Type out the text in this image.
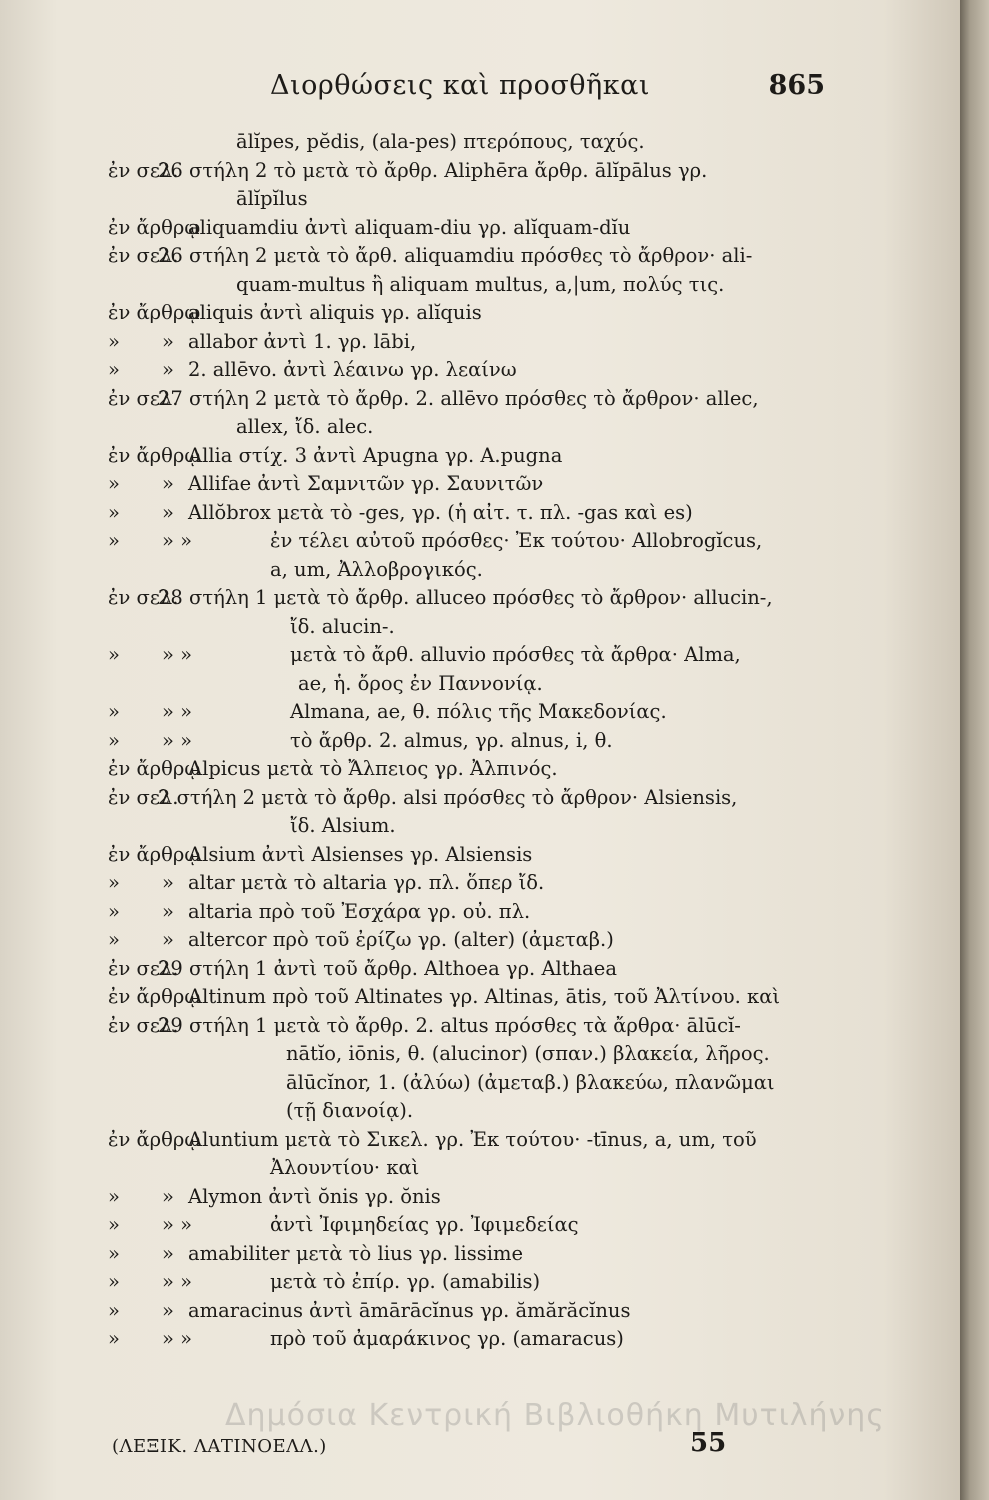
Διορθώσεις καὶ προσθῆκαι	865
ālĭpes, pĕdis, (ala-pes) πτερόπους, ταχύς.
ἐν σελ.
26 στήλη 2 τὸ μετὰ τὸ ἄρθρ. Aliphēra ἄρθρ. ālĭpālus γρ.
ālĭpĭlus
ἐν ἄρθρῳ
aliquamdiu ἀντὶ aliquam-diu γρ. alĭquam-dĭu
ἐν σελ.
26 στήλη 2 μετὰ τὸ ἄρθ. aliquamdiu πρόσθες τὸ ἄρθρον· ali-
quam-multus ἢ aliquam multus, a,|um, πολύς τις.
ἐν ἄρθρῳ
aliquis ἀντὶ aliquis γρ. alĭquis
» » allabor ἀντὶ 1. γρ. lābi,
» » 2. allēvo. ἀντὶ λέαινω γρ. λεαίνω
ἐν σελ.
27 στήλη 2 μετὰ τὸ ἄρθρ. 2. allēvo πρόσθες τὸ ἄρθρον· allec,
allex, ἴδ. alec.
ἐν ἄρθρῳ
Allia στίχ. 3 ἀντὶ Apugna γρ. A.pugna
» » Allifae ἀντὶ Σαμνιτῶν γρ. Σαυνιτῶν
» » Allŏbrox μετὰ τὸ -ges, γρ. (ἡ αἰτ. τ. πλ. -gas καὶ es)
» » »	ἐν τέλει αὐτοῦ πρόσθες· Ἐκ τούτου· Allobrogĭcus,
a, um, Ἀλλοβρογικός.
ἐν σελ.
28 στήλη 1 μετὰ τὸ ἄρθρ. alluceo πρόσθες τὸ ἄρθρον· allucin-,
ἴδ. alucin-.
» » »	μετὰ τὸ ἄρθ. alluvio πρόσθες τὰ ἄρθρα· Alma,
ae, ἡ. ὄρος ἐν Παννονίᾳ.
» » »	Almana, ae, θ. πόλις τῆς Μακεδονίας.
» » »	τὸ ἄρθρ. 2. almus, γρ. alnus, i, θ.
ἐν ἄρθρῳ
Alpicus μετὰ τὸ Ἄλπειος γρ. Ἀλπινός.
ἐν σελ.
2 στήλη 2 μετὰ τὸ ἄρθρ. alsi πρόσθες τὸ ἄρθρον· Alsiensis,
ἴδ. Alsium.
ἐν ἄρθρῳ
Alsium ἀντὶ Alsienses γρ. Alsiensis
» » altar μετὰ τὸ altaria γρ. πλ. ὅπερ ἴδ.
» » altaria πρὸ τοῦ Ἐσχάρα γρ. οὐ. πλ.
» » altercor πρὸ τοῦ ἐρίζω γρ. (alter) (ἀμεταβ.)
ἐν σελ.
29 στήλη 1 ἀντὶ τοῦ ἄρθρ. Althoea γρ. Althaea
ἐν ἄρθρῳ
Altinum πρὸ τοῦ Altinates γρ. Altinas, ātis, τοῦ Ἀλτίνου. καὶ
ἐν σελ.
29 στήλη 1 μετὰ τὸ ἄρθρ. 2. altus πρόσθες τὰ ἄρθρα· ālūcĭ-
nātĭo, iōnis, θ. (alucinor) (σπαν.) βλακεία, λῆρος.
ālūcĭnor, 1. (ἀλύω) (ἀμεταβ.) βλακεύω, πλανῶμαι
(τῇ διανοίᾳ).
ἐν ἄρθρῳ
Aluntium μετὰ τὸ Σικελ. γρ. Ἐκ τούτου· -tīnus, a, um, τοῦ
Ἀλουντίου· καὶ
» » Alymon ἀντὶ ŏnis γρ. ŏnis
» » »	ἀντὶ Ἰφιμηδείας γρ. Ἰφιμεδείας
» » amabiliter μετὰ τὸ lius γρ. lissime
» » »	μετὰ τὸ ἐπίρ. γρ. (amabilis)
» » amaracinus ἀντὶ āmārācĭnus γρ. ămărăcĭnus
» » »	πρὸ τοῦ ἀμαράκινος γρ. (amaracus)
Δημόσια Κεντρική Βιβλιοθήκη Μυτιλήνης
(ΛΕΞΙΚ. ΛΑΤΙΝΟΕΛΛ.)	55
